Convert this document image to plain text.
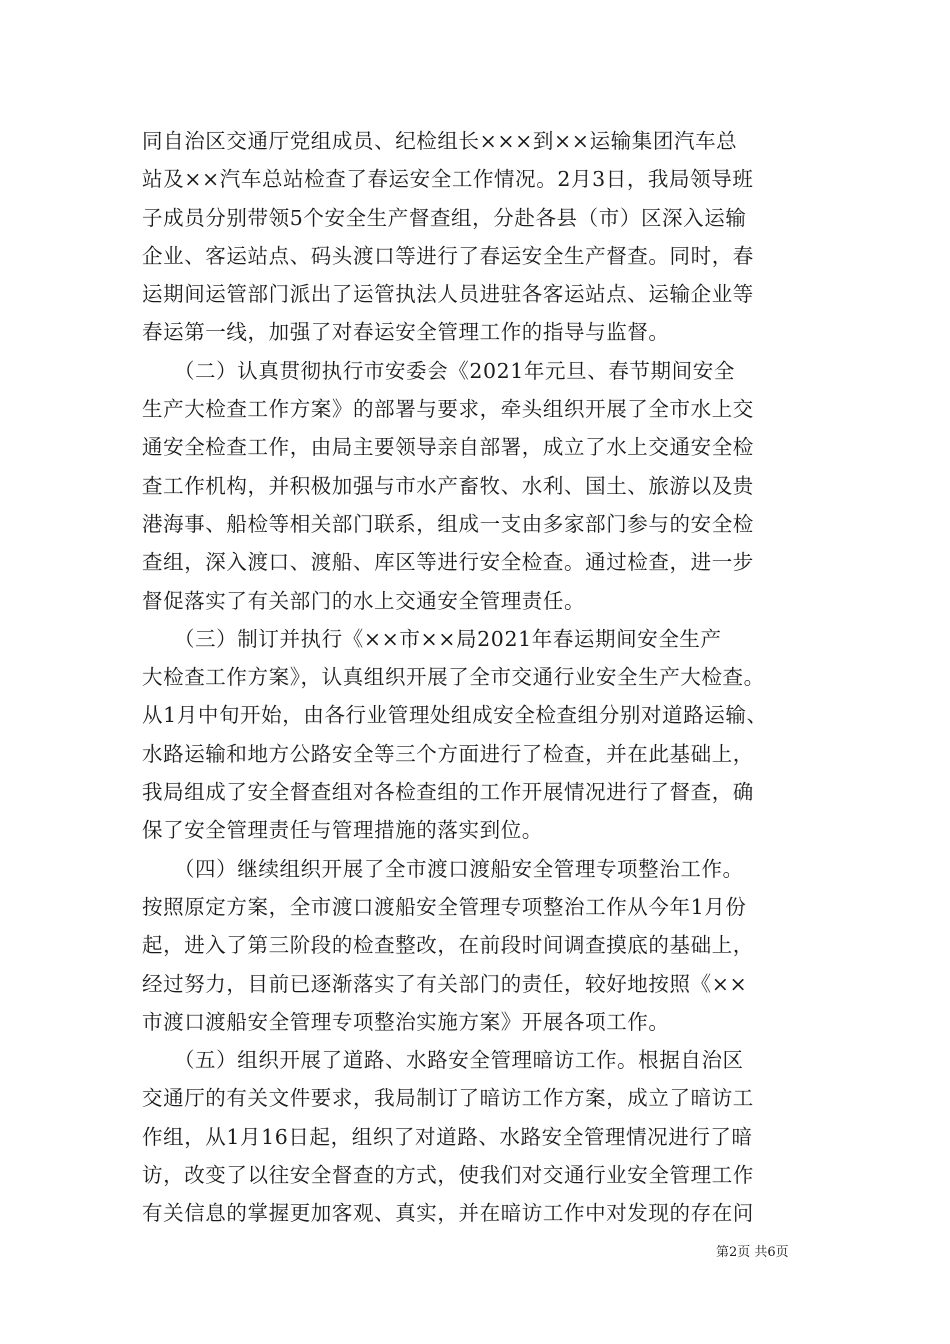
同自治区交通厅党组成员、纪检组长×××到××运输集团汽车总
站及××汽车总站检查了春运安全工作情况。2月3日，我局领导班
子成员分别带领5个安全生产督查组，分赴各县（市）区深入运输
企业、客运站点、码头渡口等进行了春运安全生产督查。同时，春
运期间运管部门派出了运管执法人员进驻各客运站点、运输企业等
春运第一线，加强了对春运安全管理工作的指导与监督。
　　（二）认真贯彻执行市安委会《2021年元旦、春节期间安全
生产大检查工作方案》的部署与要求，牵头组织开展了全市水上交
通安全检查工作，由局主要领导亲自部署，成立了水上交通安全检
查工作机构，并积极加强与市水产畜牧、水利、国土、旅游以及贵
港海事、船检等相关部门联系，组成一支由多家部门参与的安全检
查组，深入渡口、渡船、库区等进行安全检查。通过检查，进一步
督促落实了有关部门的水上交通安全管理责任。
　　（三）制订并执行《××市××局2021年春运期间安全生产
大检查工作方案》，认真组织开展了全市交通行业安全生产大检查。
从1月中旬开始，由各行业管理处组成安全检查组分别对道路运输、
水路运输和地方公路安全等三个方面进行了检查，并在此基础上，
我局组成了安全督查组对各检查组的工作开展情况进行了督查，确
保了安全管理责任与管理措施的落实到位。
　　（四）继续组织开展了全市渡口渡船安全管理专项整治工作。
按照原定方案，全市渡口渡船安全管理专项整治工作从今年1月份
起，进入了第三阶段的检查整改，在前段时间调查摸底的基础上，
经过努力，目前已逐渐落实了有关部门的责任，较好地按照《××
市渡口渡船安全管理专项整治实施方案》开展各项工作。
　　（五）组织开展了道路、水路安全管理暗访工作。根据自治区
交通厅的有关文件要求，我局制订了暗访工作方案，成立了暗访工
作组，从1月16日起，组织了对道路、水路安全管理情况进行了暗
访，改变了以往安全督查的方式，使我们对交通行业安全管理工作
有关信息的掌握更加客观、真实，并在暗访工作中对发现的存在问
第2页 共6页
